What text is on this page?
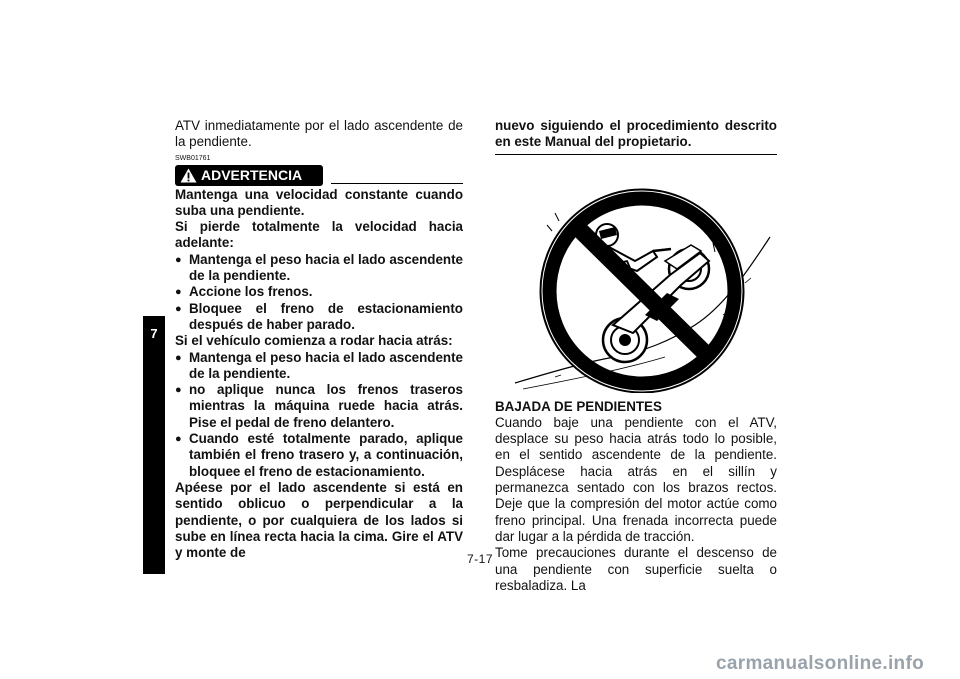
7

ATV inmediatamente por el lado ascendente de la pendiente.

SWB01761
ADVERTENCIA

Mantenga una velocidad constante cuando suba una pendiente.

Si pierde totalmente la velocidad hacia adelante:

● Mantenga el peso hacia el lado ascendente de la pendiente.
● Accione los frenos.
● Bloquee el freno de estacionamiento después de haber parado.

Si el vehículo comienza a rodar hacia atrás:

● Mantenga el peso hacia el lado ascendente de la pendiente.
● no aplique nunca los frenos traseros mientras la máquina ruede hacia atrás. Pise el pedal de freno delantero.
● Cuando esté totalmente parado, aplique también el freno trasero y, a continuación, bloquee el freno de estacionamiento.

Apéese por el lado ascendente si está en sentido oblicuo o perpendicular a la pendiente, o por cualquiera de los lados si sube en línea recta hacia la cima. Gire el ATV y monte de

nuevo siguiendo el procedimiento descrito en este Manual del propietario.

BAJADA DE PENDIENTES

Cuando baje una pendiente con el ATV, desplace su peso hacia atrás todo lo posible, en el sentido ascendente de la pendiente. Desplácese hacia atrás en el sillín y permanezca sentado con los brazos rectos. Deje que la compresión del motor actúe como freno principal. Una frenada incorrecta puede dar lugar a la pérdida de tracción.

Tome precauciones durante el descenso de una pendiente con superficie suelta o resbaladiza. La

7-17
carmanualsonline.info
